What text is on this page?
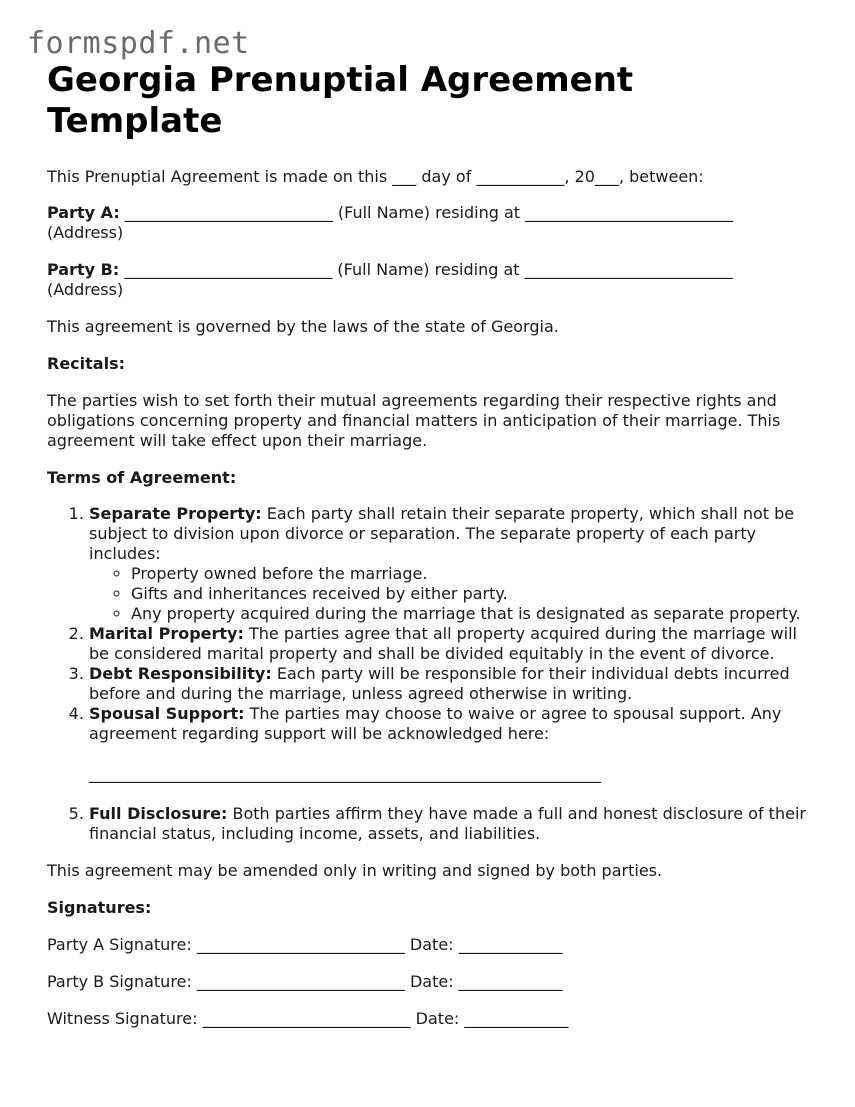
formspdf.net
Georgia Prenuptial Agreement Template

This Prenuptial Agreement is made on this ___ day of ___________, 20___, between:

Party A: __________________________ (Full Name) residing at __________________________ (Address)

Party B: __________________________ (Full Name) residing at __________________________ (Address)

This agreement is governed by the laws of the state of Georgia.

Recitals:

The parties wish to set forth their mutual agreements regarding their respective rights and obligations concerning property and financial matters in anticipation of their marriage. This agreement will take effect upon their marriage.

Terms of Agreement:

1. Separate Property: Each party shall retain their separate property, which shall not be subject to division upon divorce or separation. The separate property of each party includes:
◦ Property owned before the marriage.
◦ Gifts and inheritances received by either party.
◦ Any property acquired during the marriage that is designated as separate property.
2. Marital Property: The parties agree that all property acquired during the marriage will be considered marital property and shall be divided equitably in the event of divorce.
3. Debt Responsibility: Each party will be responsible for their individual debts incurred before and during the marriage, unless agreed otherwise in writing.
4. Spousal Support: The parties may choose to waive or agree to spousal support. Any agreement regarding support will be acknowledged here:

________________________________________________________________

5. Full Disclosure: Both parties affirm they have made a full and honest disclosure of their financial status, including income, assets, and liabilities.

This agreement may be amended only in writing and signed by both parties.

Signatures:

Party A Signature: __________________________ Date: _____________

Party B Signature: __________________________ Date: _____________

Witness Signature: __________________________ Date: _____________
